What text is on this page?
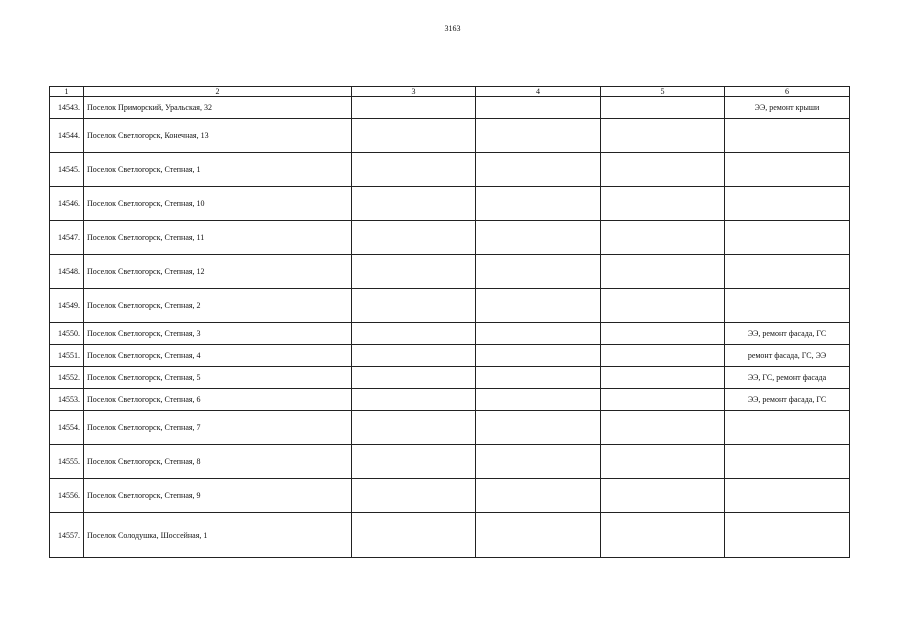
3163
1	2	3	4	5	6
14543.	Поселок Приморский, Уральская, 32				ЭЭ, ремонт крыши
14544.	Поселок Светлогорск, Конечная, 13				
14545.	Поселок Светлогорск, Степная, 1				
14546.	Поселок Светлогорск, Степная, 10				
14547.	Поселок Светлогорск, Степная, 11				
14548.	Поселок Светлогорск, Степная, 12				
14549.	Поселок Светлогорск, Степная, 2				
14550.	Поселок Светлогорск, Степная, 3				ЭЭ, ремонт фасада, ГС
14551.	Поселок Светлогорск, Степная, 4				ремонт фасада, ГС, ЭЭ
14552.	Поселок Светлогорск, Степная, 5				ЭЭ, ГС, ремонт фасада
14553.	Поселок Светлогорск, Степная, 6				ЭЭ, ремонт фасада, ГС
14554.	Поселок Светлогорск, Степная, 7				
14555.	Поселок Светлогорск, Степная, 8				
14556.	Поселок Светлогорск, Степная, 9				
14557.	Поселок Солодушка, Шоссейная, 1				
